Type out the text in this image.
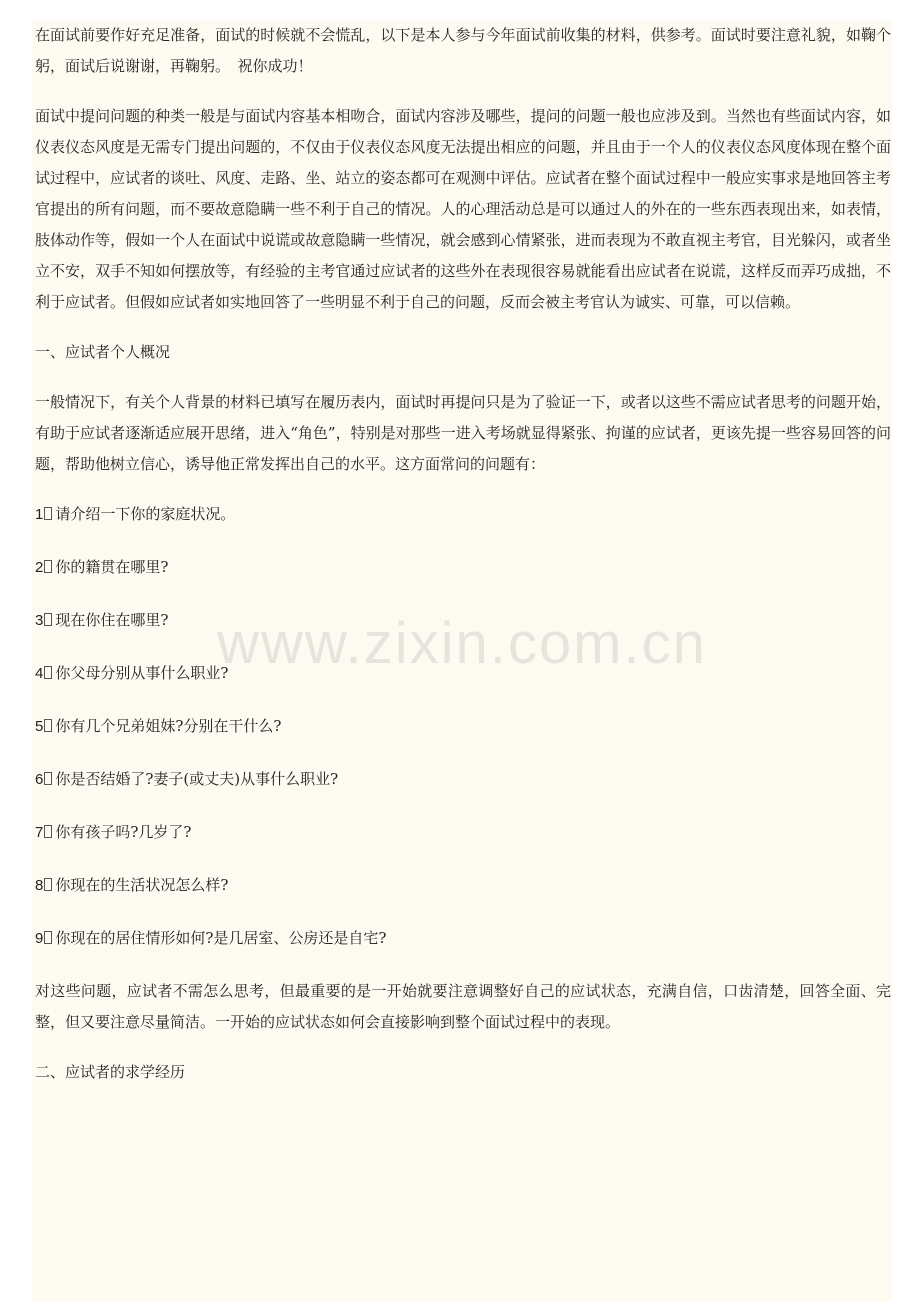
www.zixin.com.cn

在面试前要作好充足准备，面试的时候就不会慌乱，以下是本人参与今年面试前收集的材料，供参考。面试时要注意礼貌，如鞠个躬，面试后说谢谢，再鞠躬。　祝你成功！

面试中提问问题的种类一般是与面试内容基本相吻合，面试内容涉及哪些，提问的问题一般也应涉及到。当然也有些面试内容，如仪表仪态风度是无需专门提出问题的，不仅由于仪表仪态风度无法提出相应的问题，并且由于一个人的仪表仪态风度体现在整个面试过程中，应试者的谈吐、风度、走路、坐、站立的姿态都可在观测中评估。应试者在整个面试过程中一般应实事求是地回答主考官提出的所有问题，而不要故意隐瞒一些不利于自己的情况。人的心理活动总是可以通过人的外在的一些东西表现出来，如表情，肢体动作等，假如一个人在面试中说谎或故意隐瞒一些情况，就会感到心情紧张，进而表现为不敢直视主考官，目光躲闪，或者坐立不安，双手不知如何摆放等，有经验的主考官通过应试者的这些外在表现很容易就能看出应试者在说谎，这样反而弄巧成拙，不利于应试者。但假如应试者如实地回答了一些明显不利于自己的问题，反而会被主考官认为诚实、可靠，可以信赖。

一、应试者个人概况

一般情况下，有关个人背景的材料已填写在履历表内，面试时再提问只是为了验证一下，或者以这些不需应试者思考的问题开始，有助于应试者逐渐适应展开思绪，进入“角色”，特别是对那些一进入考场就显得紧张、拘谨的应试者，更该先提一些容易回答的问题，帮助他树立信心，诱导他正常发挥出自己的水平。这方面常问的问题有：

1 请介绍一下你的家庭状况。

2 你的籍贯在哪里?

3 现在你住在哪里?

4 你父母分别从事什么职业?

5 你有几个兄弟姐妹?分别在干什么?

6 你是否结婚了?妻子(或丈夫)从事什么职业?

7 你有孩子吗?几岁了?

8 你现在的生活状况怎么样?

9 你现在的居住情形如何?是几居室、公房还是自宅?

对这些问题，应试者不需怎么思考，但最重要的是一开始就要注意调整好自己的应试状态，充满自信，口齿清楚，回答全面、完整，但又要注意尽量简洁。一开始的应试状态如何会直接影响到整个面试过程中的表现。

二、应试者的求学经历
